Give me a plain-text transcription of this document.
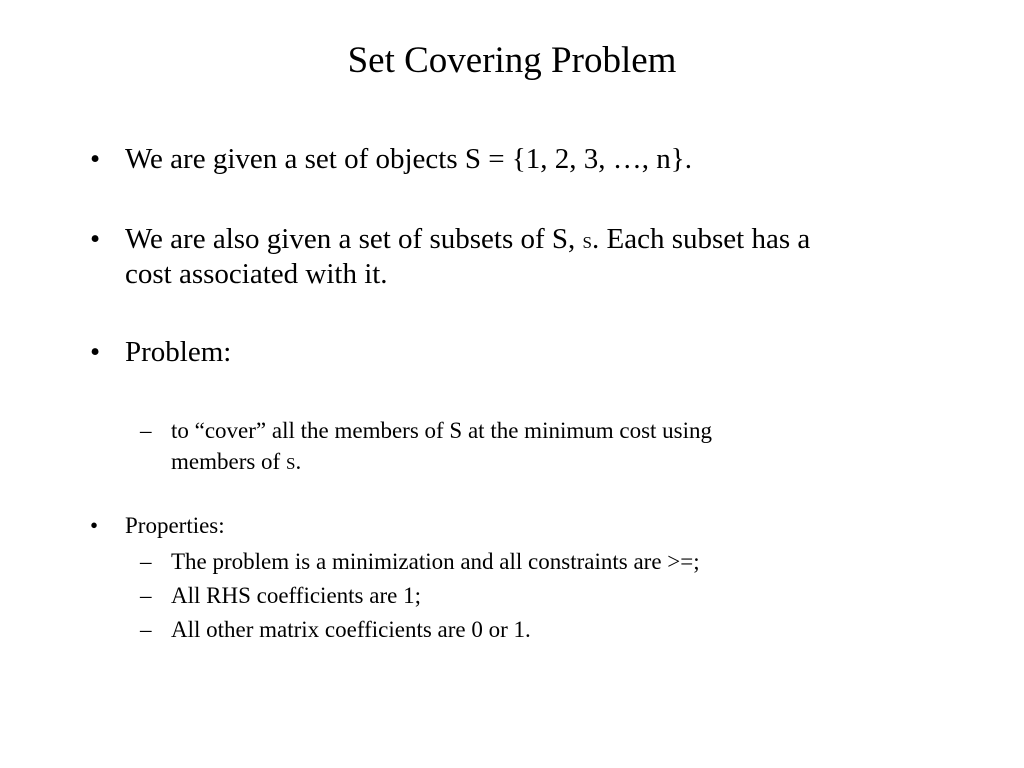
Set Covering Problem
• We are given a set of objects S = {1, 2, 3, …, n}.
• We are also given a set of subsets of S, S. Each subset has a
cost associated with it.
• Problem:
– to “cover” all the members of S at the minimum cost using
members of S.
• Properties:
– The problem is a minimization and all constraints are >=;
– All RHS coefficients are 1;
– All other matrix coefficients are 0 or 1.
